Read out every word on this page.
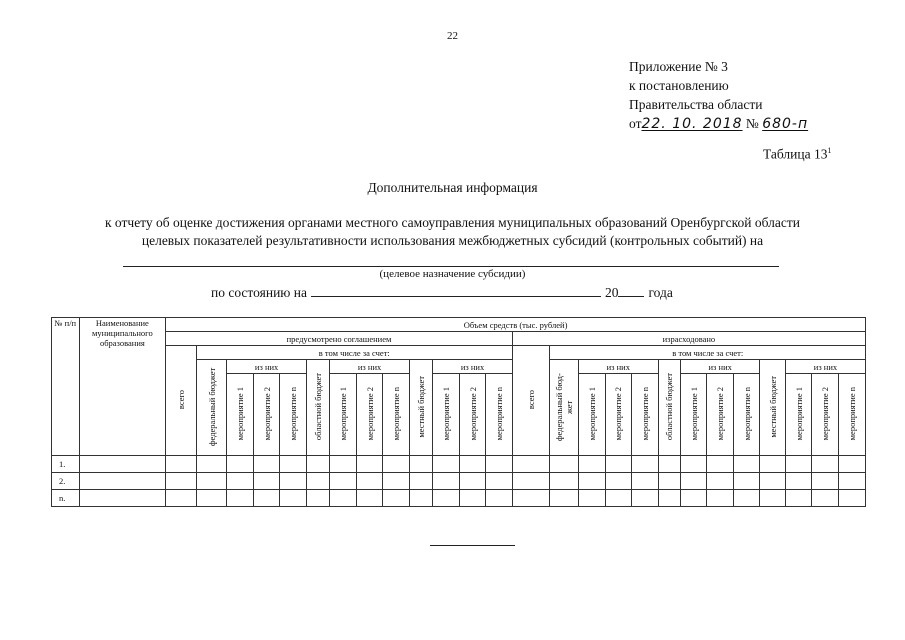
22
Приложение № 3
к постановлению
Правительства области
от22. 10. 2018 № 680-п
Таблица $13^1$
Дополнительная информация
к отчету об оценке достижения органами местного самоуправления муниципальных образований Оренбургской области
целевых показателей результативности использования межбюджетных субсидий (контрольных событий) на
(целевое назначение субсидии)
по состоянию на	20 года
№ п/п	Наименование муниципального образования	Объем средств (тыс. рублей)																									
		предусмотрено соглашением													израсходовано												
		всего	в том числе за счет:												всего	в том числе за счет:											
			федеральный бюджет	из них			областной бюджет	из них			местный бюджет	из них				федеральный бюд-жет	из них			областной бюджет	из них			местный бюджет	из них		
				мероприятие 1	мероприятие 2	мероприятие n		мероприятие 1	мероприятие 2	мероприятие n		мероприятие 1	мероприятие 2	мероприятие n			мероприятие 1	мероприятие 2	мероприятие n		мероприятие 1	мероприятие 2	мероприятие n		мероприятие 1	мероприятие 2	мероприятие n
1.																											
2.																											
n.																											
